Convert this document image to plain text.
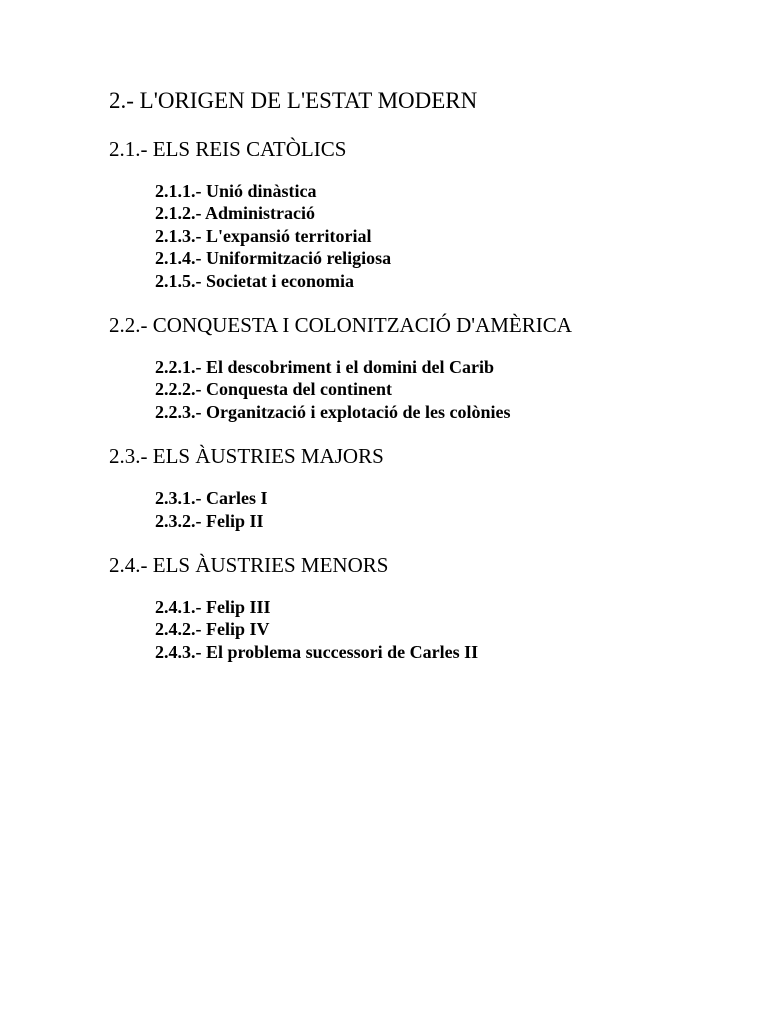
2.- L'ORIGEN DE L'ESTAT MODERN
2.1.- ELS REIS CATÒLICS
2.1.1.- Unió dinàstica
2.1.2.- Administració
2.1.3.- L'expansió territorial
2.1.4.- Uniformització religiosa
2.1.5.- Societat i economia
2.2.- CONQUESTA I COLONITZACIÓ D'AMÈRICA
2.2.1.- El descobriment i el domini del Carib
2.2.2.- Conquesta del continent
2.2.3.- Organització i explotació de les colònies
2.3.- ELS ÀUSTRIES MAJORS
2.3.1.- Carles I
2.3.2.- Felip II
2.4.- ELS ÀUSTRIES MENORS
2.4.1.- Felip III
2.4.2.- Felip IV
2.4.3.- El problema successori de Carles II
